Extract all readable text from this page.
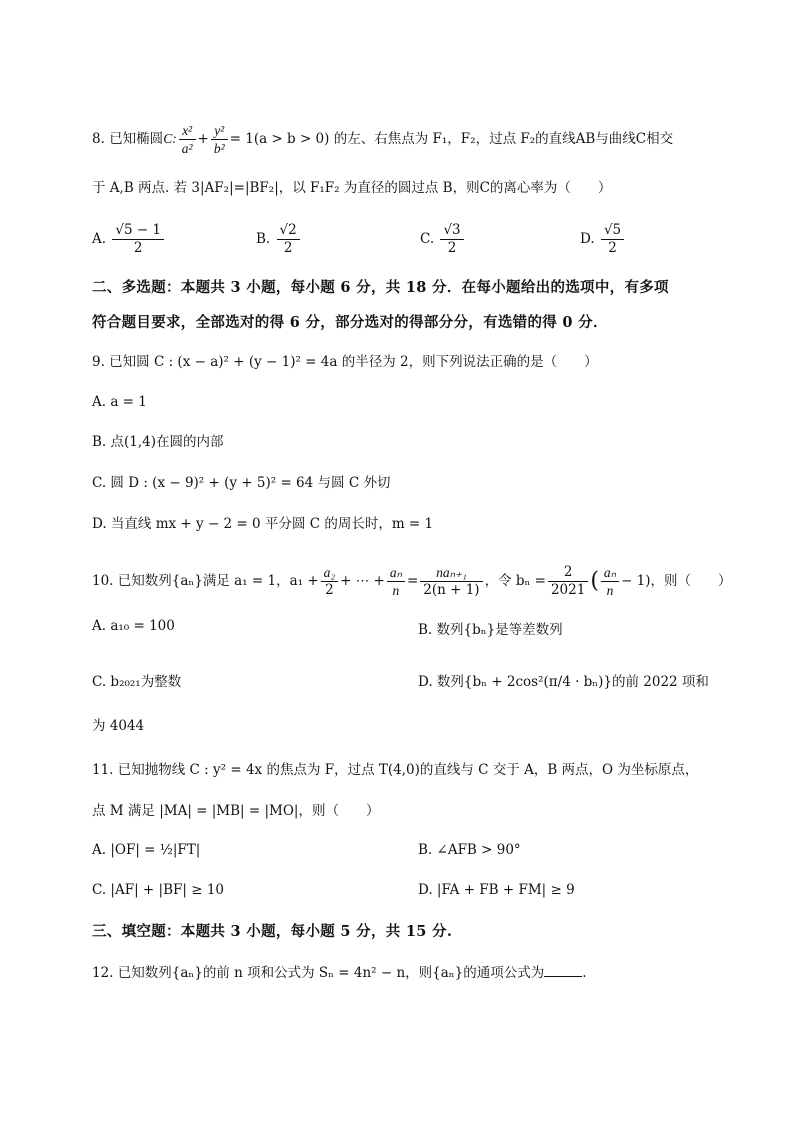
8. 已知椭圆C: $\frac{\text{x²}}{\text{a²}} + \frac{\text{y²}}{\text{b²}} = 1(a > b > 0)$ 的左、右焦点为 F₁，F₂，过点 F₂的直线AB与曲线C相交
于 A,B 两点. 若 3|AF₂|=|BF₂|，以 F₁F₂ 为直径的圆过点 B，则C的离心率为（　　）
A. $\frac{√5 - 1}{2}$	B. $\frac{√2}{2}$	C. $\frac{√3}{2}$	D. $\frac{√5}{2}$
二、多选题：本题共 3 小题，每小题 6 分，共 18 分．在每小题给出的选项中，有多项
符合题目要求，全部选对的得 6 分，部分选对的得部分分，有选错的得 0 分．
9. 已知圆 C : (x − a)² + (y − 1)² = 4a 的半径为 2，则下列说法正确的是（　　）
A. a = 1
B. 点(1,4)在圆的内部
C. 圆 D : (x − 9)² + (y + 5)² = 64 与圆 C 外切
D. 当直线 mx + y − 2 = 0 平分圆 C 的周长时，m = 1
10. 已知数列{aₙ}满足 a₁ = 1，$a_1 + \frac{\text{a₂}}{2}$ + ⋯ + $\frac{\text{aₙ}}{n} = \frac{\text{naₙ₊₁}}{2(n + 1)}$ ，令 $b_n = \frac{2}{2021}$ ( $\frac{\text{aₙ}}{n} - 1$)，则（　　）
A. a₁₀ = 100	B. 数列{bₙ}是等差数列
C. b₂₀₂₁为整数	D. 数列{bₙ + 2cos²(π/4 · bₙ)}的前 2022 项和
为 4044
11. 已知抛物线 C : y² = 4x 的焦点为 F，过点 T(4,0)的直线与 C 交于 A，B 两点，O 为坐标原点，
点 M 满足 |MA| = |MB| = |MO|，则（　　）
A. |OF| = ½|FT|	B. ∠AFB > 90°
C. |AF| + |BF| ≥ 10	D. |FA + FB + FM| ≥ 9
三、填空题：本题共 3 小题，每小题 5 分，共 15 分.
12. 已知数列{aₙ}的前 n 项和公式为 Sₙ = 4n² − n，则{aₙ}的通项公式为	.
